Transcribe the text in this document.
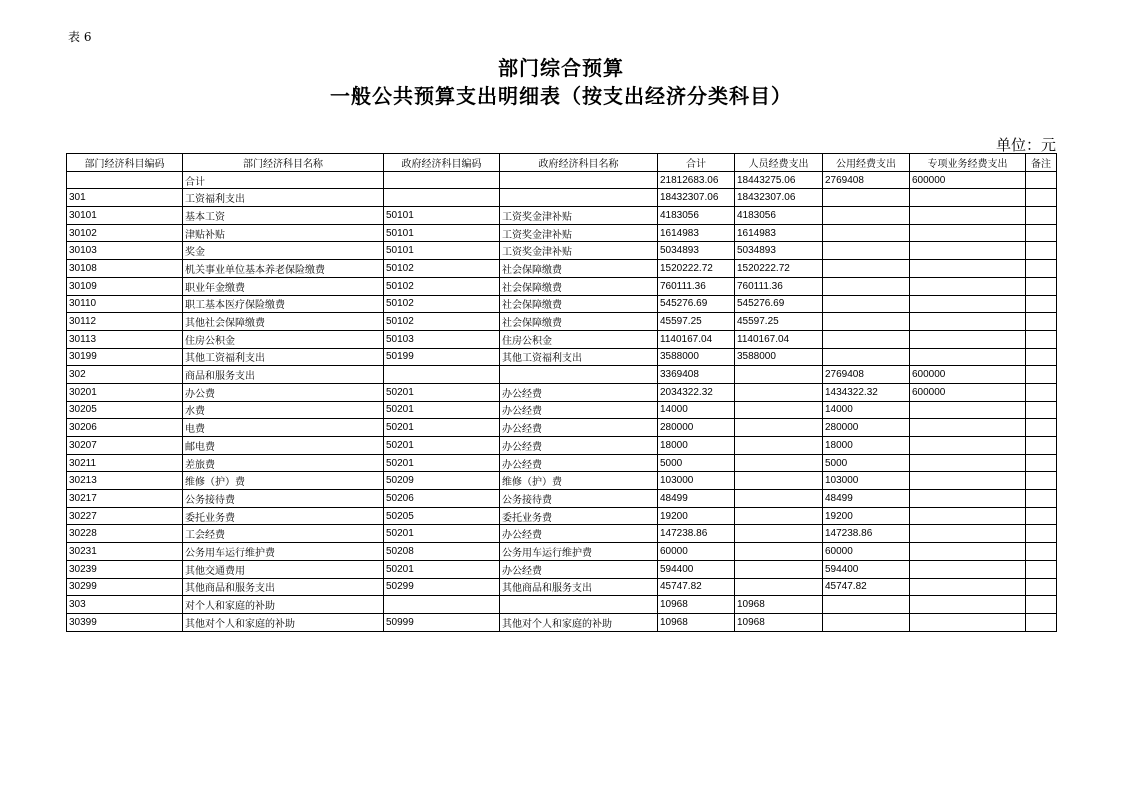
表 6
部门综合预算
一般公共预算支出明细表（按支出经济分类科目）
单位：元
部门经济科目编码	部门经济科目名称	政府经济科目编码	政府经济科目名称	合计	人员经费支出	公用经费支出	专项业务经费支出	备注
	合计			21812683.06	18443275.06	2769408	600000	
301	工资福利支出			18432307.06	18432307.06			
30101	基本工资	50101	工资奖金津补贴	4183056	4183056			
30102	津贴补贴	50101	工资奖金津补贴	1614983	1614983			
30103	奖金	50101	工资奖金津补贴	5034893	5034893			
30108	机关事业单位基本养老保险缴费	50102	社会保障缴费	1520222.72	1520222.72			
30109	职业年金缴费	50102	社会保障缴费	760111.36	760111.36			
30110	职工基本医疗保险缴费	50102	社会保障缴费	545276.69	545276.69			
30112	其他社会保障缴费	50102	社会保障缴费	45597.25	45597.25			
30113	住房公积金	50103	住房公积金	1140167.04	1140167.04			
30199	其他工资福利支出	50199	其他工资福利支出	3588000	3588000			
302	商品和服务支出			3369408		2769408	600000	
30201	办公费	50201	办公经费	2034322.32		1434322.32	600000	
30205	水费	50201	办公经费	14000		14000		
30206	电费	50201	办公经费	280000		280000		
30207	邮电费	50201	办公经费	18000		18000		
30211	差旅费	50201	办公经费	5000		5000		
30213	维修（护）费	50209	维修（护）费	103000		103000		
30217	公务接待费	50206	公务接待费	48499		48499		
30227	委托业务费	50205	委托业务费	19200		19200		
30228	工会经费	50201	办公经费	147238.86		147238.86		
30231	公务用车运行维护费	50208	公务用车运行维护费	60000		60000		
30239	其他交通费用	50201	办公经费	594400		594400		
30299	其他商品和服务支出	50299	其他商品和服务支出	45747.82		45747.82		
303	对个人和家庭的补助			10968	10968			
30399	其他对个人和家庭的补助	50999	其他对个人和家庭的补助	10968	10968			
